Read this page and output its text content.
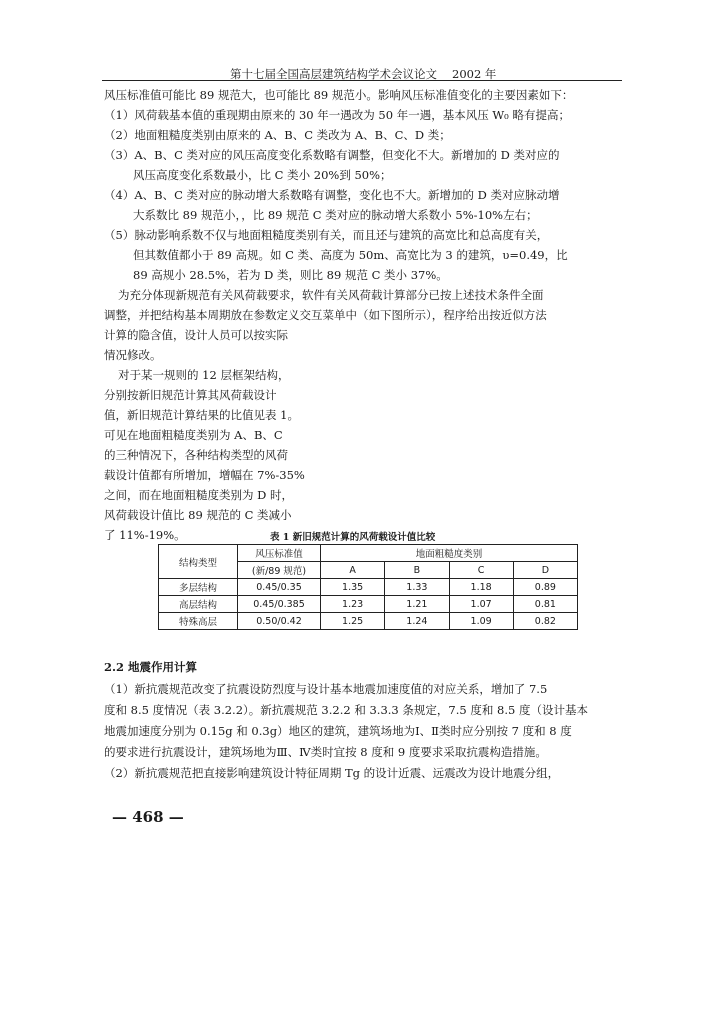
第十七届全国高层建筑结构学术会议论文 2002 年
风压标准值可能比 89 规范大，也可能比 89 规范小。影响风压标准值变化的主要因素如下：
（1）风荷载基本值的重现期由原来的 30 年一遇改为 50 年一遇，基本风压 W₀ 略有提高；
（2）地面粗糙度类别由原来的 A、B、C 类改为 A、B、C、D 类；
（3）A、B、C 类对应的风压高度变化系数略有调整，但变化不大。新增加的 D 类对应的
风压高度变化系数最小，比 C 类小 20%到 50%；
（4）A、B、C 类对应的脉动增大系数略有调整，变化也不大。新增加的 D 类对应脉动增
大系数比 89 规范小，，比 89 规范 C 类对应的脉动增大系数小 5%-10%左右；
（5）脉动影响系数不仅与地面粗糙度类别有关，而且还与建筑的高宽比和总高度有关，
但其数值都小于 89 高规。如 C 类、高度为 50m、高宽比为 3 的建筑，υ=0.49，比
89 高规小 28.5%，若为 D 类，则比 89 规范 C 类小 37%。
为充分体现新规范有关风荷载要求，软件有关风荷载计算部分已按上述技术条件全面
调整，并把结构基本周期放在参数定义交互菜单中（如下图所示），程序给出按近似方法
计算的隐含值，设计人员可以按实际
情况修改。
对于某一规则的 12 层框架结构，
分别按新旧规范计算其风荷载设计
值，新旧规范计算结果的比值见表 1。
可见在地面粗糙度类别为 A、B、C
的三种情况下，各种结构类型的风荷
载设计值都有所增加，增幅在 7%-35%
之间，而在地面粗糙度类别为 D 时，
风荷载设计值比 89 规范的 C 类减小
了 11%-19%。	表 1 新旧规范计算的风荷载设计值比较
结构类型	风压标准值	地面粗糙度类别			
	(新/89 规范)	A	B	C	D
多层结构	0.45/0.35	1.35	1.33	1.18	0.89
高层结构	0.45/0.385	1.23	1.21	1.07	0.81
特殊高层	0.50/0.42	1.25	1.24	1.09	0.82
2.2 地震作用计算
（1）新抗震规范改变了抗震设防烈度与设计基本地震加速度值的对应关系，增加了 7.5
度和 8.5 度情况（表 3.2.2）。新抗震规范 3.2.2 和 3.3.3 条规定，7.5 度和 8.5 度（设计基本
地震加速度分别为 0.15g 和 0.3g）地区的建筑，建筑场地为Ⅰ、Ⅱ类时应分别按 7 度和 8 度
的要求进行抗震设计，建筑场地为Ⅲ、Ⅳ类时宜按 8 度和 9 度要求采取抗震构造措施。
（2）新抗震规范把直接影响建筑设计特征周期 Tg 的设计近震、远震改为设计地震分组，
— 468 —
